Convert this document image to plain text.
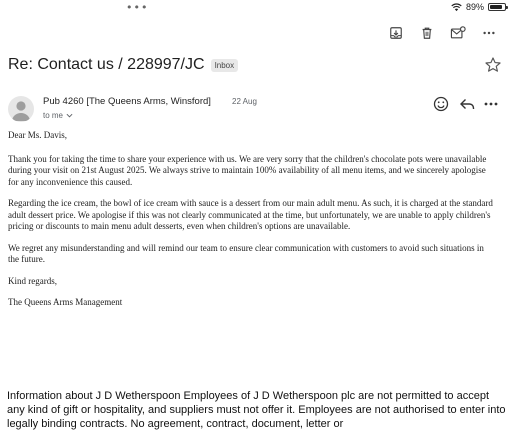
•••	89%
Re: Contact us / 228997/JC	Inbox
Pub 4260 [The Queens Arms, Winsford]	22 Aug
to me

Dear Ms. Davis,

Thank you for taking the time to share your experience with us. We are very sorry that the children's chocolate pots were unavailable during your visit on 21st August 2025. We always strive to maintain 100% availability of all menu items, and we sincerely apologise for any inconvenience this caused.

Regarding the ice cream, the bowl of ice cream with sauce is a dessert from our main adult menu. As such, it is charged at the standard adult dessert price. We apologise if this was not clearly communicated at the time, but unfortunately, we are unable to apply children's pricing or discounts to main menu adult desserts, even when children's options are unavailable.

We regret any misunderstanding and will remind our team to ensure clear communication with customers to avoid such situations in the future.

Kind regards,

The Queens Arms Management

Information about J D Wetherspoon Employees of J D Wetherspoon plc are not permitted to accept any kind of gift or hospitality, and suppliers must not offer it. Employees are not authorised to enter into legally binding contracts. No agreement, contract, document, letter or
